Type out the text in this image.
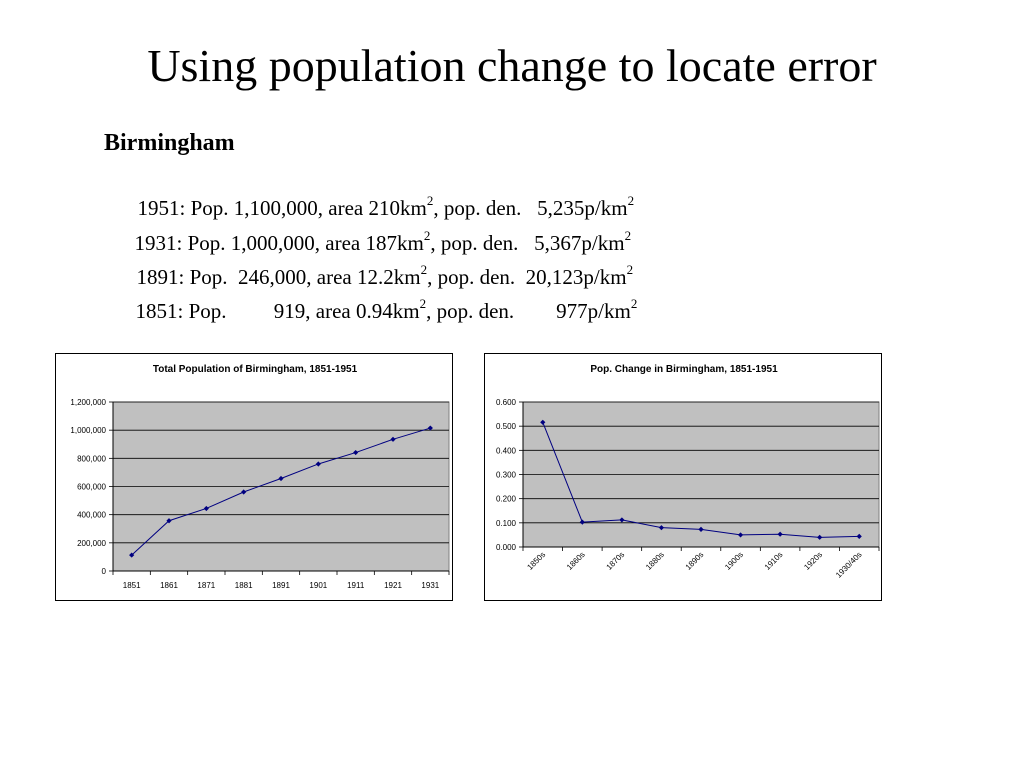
Using population change to locate error
Birmingham

1951: Pop. 1,100,000, area $210km^2$, pop. den. $5,235p/km^2$

1931: Pop. 1,000,000, area $187km^2$, pop. den. $5,367p/km^2$

1891: Pop. 246,000, area $12.2km^2$, pop. den. $20,123p/km^2$

1851: Pop. 919, area $0.94km^2$, pop. den. $977p/km^2$

Total Population of Birmingham, 1851-1951
0
200,000
400,000
600,000
800,000
1,000,000
1,200,000
1851 1861 1871 1881 1891 1901 1911 1921 1931
Pop. Change in Birmingham, 1851-1951
0.000
0.100
0.200
0.300
0.400
0.500
0.600
1850s 1860s 1870s 1880s 1890s 1900s 1910s 1920s 1930/40s
